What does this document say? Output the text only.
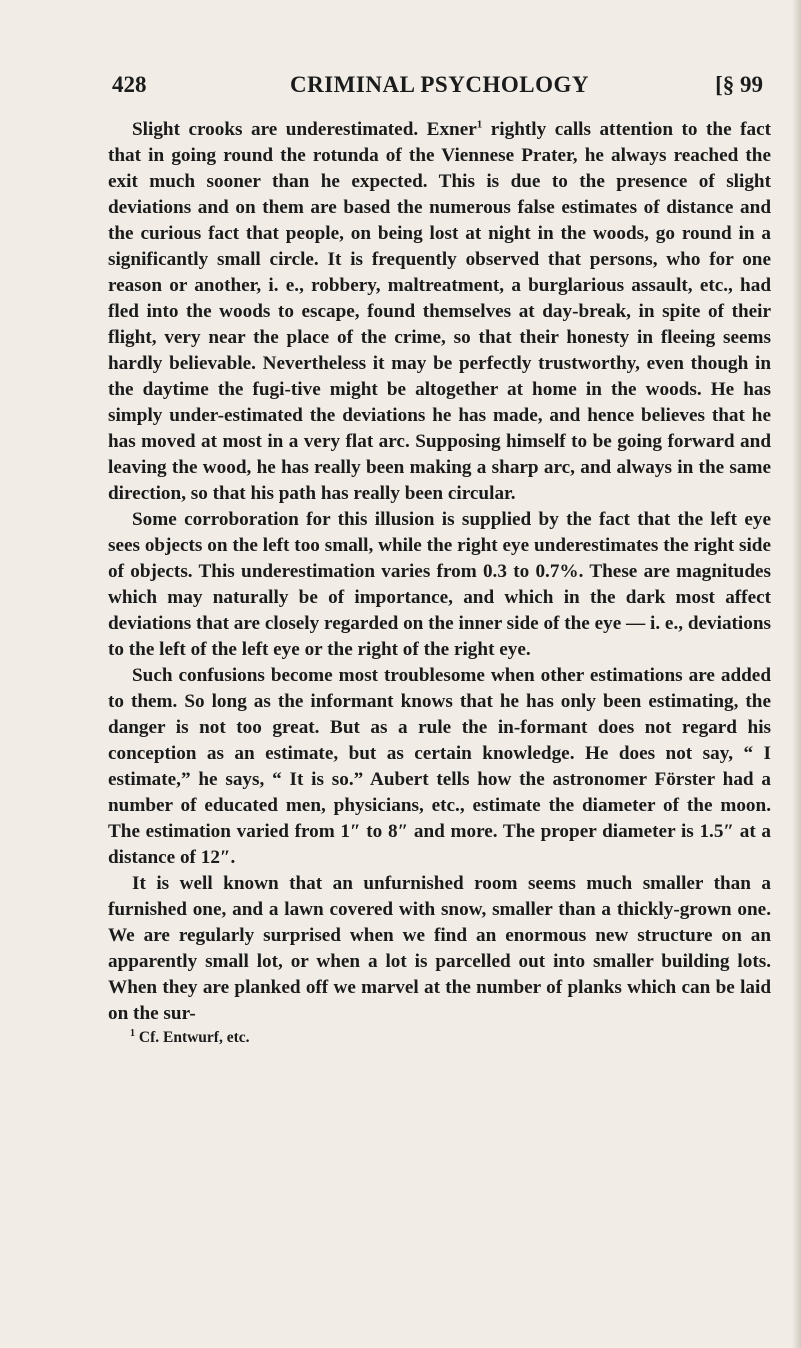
428	CRIMINAL PSYCHOLOGY	[§ 99

Slight crooks are underestimated. Exner$^1$ rightly calls attention to the fact that in going round the rotunda of the Viennese Prater, he always reached the exit much sooner than he expected. This is due to the presence of slight deviations and on them are based the numerous false estimates of distance and the curious fact that people, on being lost at night in the woods, go round in a significantly small circle. It is frequently observed that persons, who for one reason or another, i. e., robbery, maltreatment, a burglarious assault, etc., had fled into the woods to escape, found themselves at day-break, in spite of their flight, very near the place of the crime, so that their honesty in fleeing seems hardly believable. Nevertheless it may be perfectly trustworthy, even though in the daytime the fugi-tive might be altogether at home in the woods. He has simply under-estimated the deviations he has made, and hence believes that he has moved at most in a very flat arc. Supposing himself to be going forward and leaving the wood, he has really been making a sharp arc, and always in the same direction, so that his path has really been circular.

Some corroboration for this illusion is supplied by the fact that the left eye sees objects on the left too small, while the right eye underestimates the right side of objects. This underestimation varies from 0.3 to 0.7%. These are magnitudes which may naturally be of importance, and which in the dark most affect deviations that are closely regarded on the inner side of the eye — i. e., deviations to the left of the left eye or the right of the right eye.

Such confusions become most troublesome when other estimations are added to them. So long as the informant knows that he has only been estimating, the danger is not too great. But as a rule the in-formant does not regard his conception as an estimate, but as certain knowledge. He does not say, “ I estimate,” he says, “ It is so.” Aubert tells how the astronomer Förster had a number of educated men, physicians, etc., estimate the diameter of the moon. The estimation varied from 1″ to 8″ and more. The proper diameter is 1.5″ at a distance of 12″.

It is well known that an unfurnished room seems much smaller than a furnished one, and a lawn covered with snow, smaller than a thickly-grown one. We are regularly surprised when we find an enormous new structure on an apparently small lot, or when a lot is parcelled out into smaller building lots. When they are planked off we marvel at the number of planks which can be laid on the sur-

$^1$ Cf. Entwurf, etc.
